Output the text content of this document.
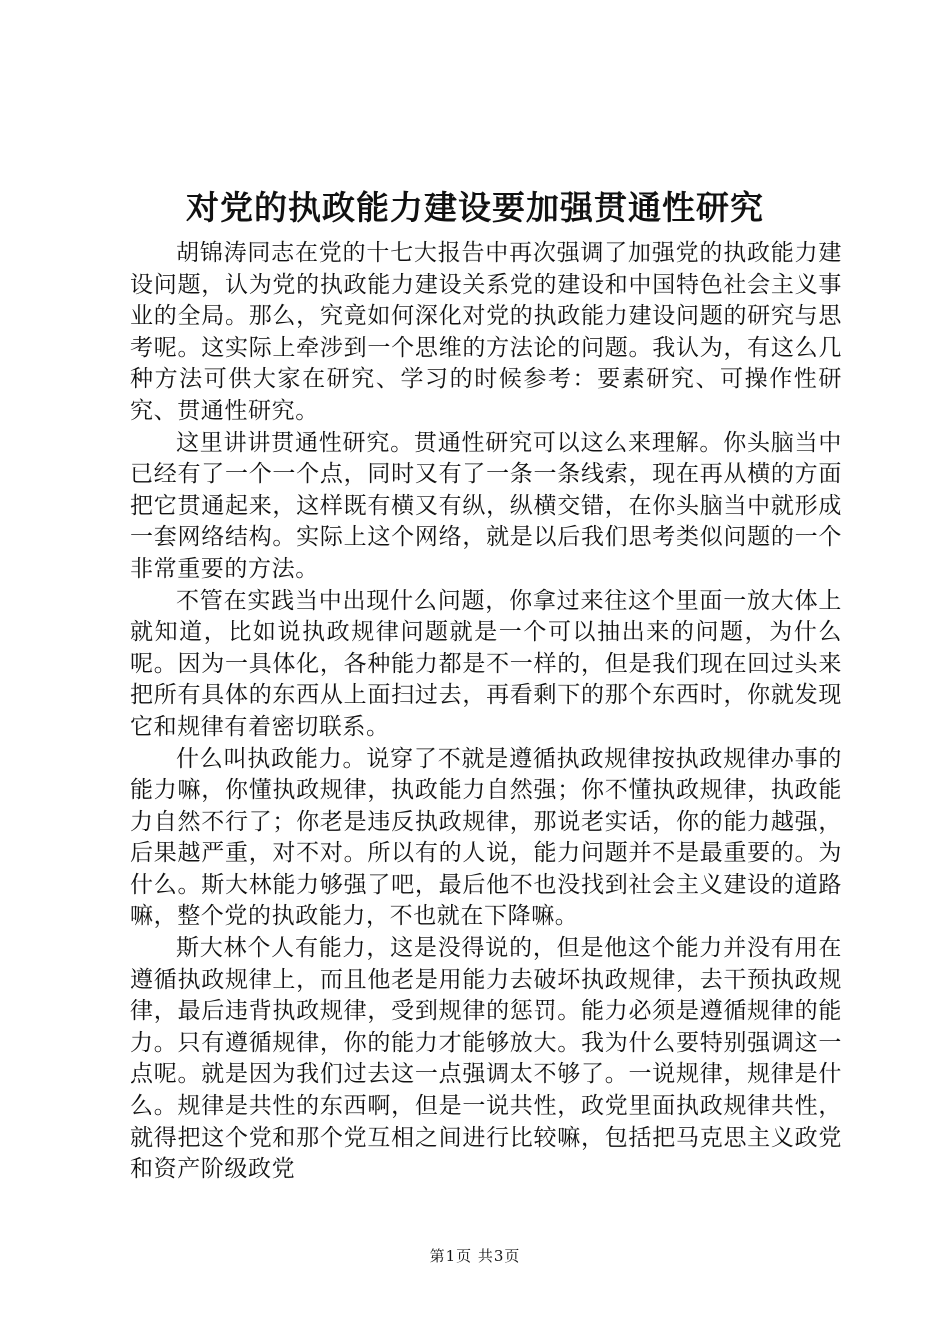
对党的执政能力建设要加强贯通性研究

胡锦涛同志在党的十七大报告中再次强调了加强党的执政能力建设问题，认为党的执政能力建设关系党的建设和中国特色社会主义事业的全局。那么，究竟如何深化对党的执政能力建设问题的研究与思考呢。这实际上牵涉到一个思维的方法论的问题。我认为，有这么几种方法可供大家在研究、学习的时候参考：要素研究、可操作性研究、贯通性研究。

这里讲讲贯通性研究。贯通性研究可以这么来理解。你头脑当中已经有了一个一个点，同时又有了一条一条线索，现在再从横的方面把它贯通起来，这样既有横又有纵，纵横交错，在你头脑当中就形成一套网络结构。实际上这个网络，就是以后我们思考类似问题的一个非常重要的方法。

不管在实践当中出现什么问题，你拿过来往这个里面一放大体上就知道，比如说执政规律问题就是一个可以抽出来的问题，为什么呢。因为一具体化，各种能力都是不一样的，但是我们现在回过头来把所有具体的东西从上面扫过去，再看剩下的那个东西时，你就发现它和规律有着密切联系。

什么叫执政能力。说穿了不就是遵循执政规律按执政规律办事的能力嘛，你懂执政规律，执政能力自然强；你不懂执政规律，执政能力自然不行了；你老是违反执政规律，那说老实话，你的能力越强，后果越严重，对不对。所以有的人说，能力问题并不是最重要的。为什么。斯大林能力够强了吧，最后他不也没找到社会主义建设的道路嘛，整个党的执政能力，不也就在下降嘛。

斯大林个人有能力，这是没得说的，但是他这个能力并没有用在遵循执政规律上，而且他老是用能力去破坏执政规律，去干预执政规律，最后违背执政规律，受到规律的惩罚。能力必须是遵循规律的能力。只有遵循规律，你的能力才能够放大。我为什么要特别强调这一点呢。就是因为我们过去这一点强调太不够了。一说规律，规律是什么。规律是共性的东西啊，但是一说共性，政党里面执政规律共性，就得把这个党和那个党互相之间进行比较嘛，包括把马克思主义政党和资产阶级政党

第1页 共3页
